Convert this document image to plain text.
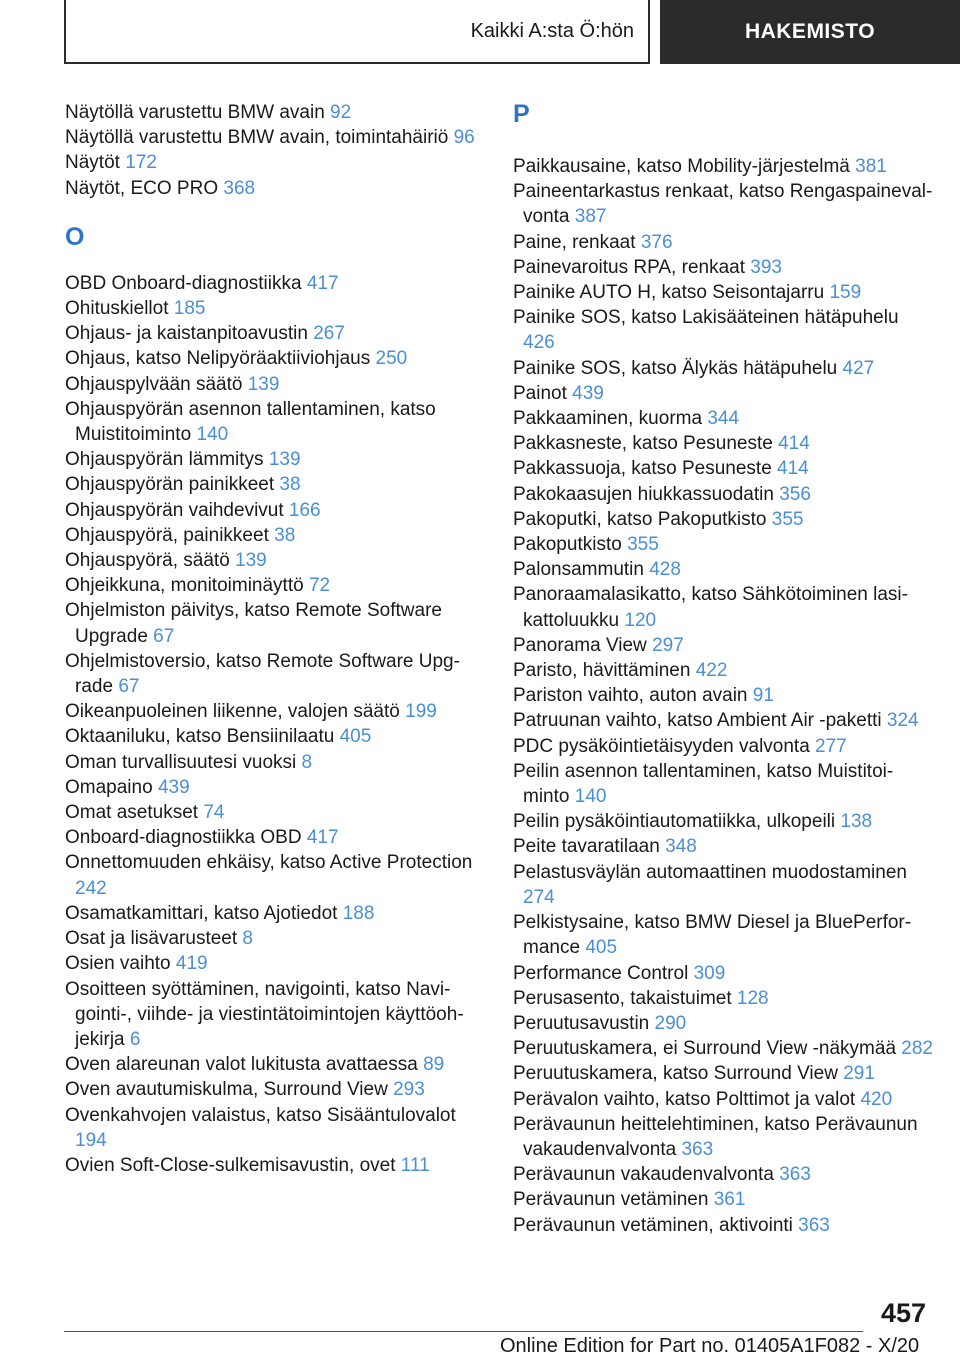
Kaikki A:sta Ö:hön	HAKEMISTO
Näytöllä varustettu BMW avain 92
Näytöllä varustettu BMW avain, toimintahäiriö 96
Näytöt 172
Näytöt, ECO PRO 368
O
OBD Onboard-diagnostiikka 417
Ohituskiellot 185
Ohjaus- ja kaistanpitoavustin 267
Ohjaus, katso Nelipyöräaktiiviohjaus 250
Ohjauspylvään säätö 139
Ohjauspyörän asennon tallentaminen, katso Muistitoiminto 140
Ohjauspyörän lämmitys 139
Ohjauspyörän painikkeet 38
Ohjauspyörän vaihdevivut 166
Ohjauspyörä, painikkeet 38
Ohjauspyörä, säätö 139
Ohjeikkuna, monitoiminäyttö 72
Ohjelmiston päivitys, katso Remote Software Upgrade 67
Ohjelmistoversio, katso Remote Software Upgrade 67
Oikeanpuoleinen liikenne, valojen säätö 199
Oktaaniluku, katso Bensiinilaatu 405
Oman turvallisuutesi vuoksi 8
Omapaino 439
Omat asetukset 74
Onboard-diagnostiikka OBD 417
Onnettomuuden ehkäisy, katso Active Protection 242
Osamatkamittari, katso Ajotiedot 188
Osat ja lisävarusteet 8
Osien vaihto 419
Osoitteen syöttäminen, navigointi, katso Navigointi-, viihde- ja viestintätoimintojen käyttöohjekirja 6
Oven alareunan valot lukitusta avattaessa 89
Oven avautumiskulma, Surround View 293
Ovenkahvojen valaistus, katso Sisääntulovalot 194
Ovien Soft-Close-sulkemisavustin, ovet 111
P
Paikkausaine, katso Mobility-järjestelmä 381
Paineentarkastus renkaat, katso Rengaspainevalvonta 387
Paine, renkaat 376
Painevaroitus RPA, renkaat 393
Painike AUTO H, katso Seisontajarru 159
Painike SOS, katso Lakisääteinen hätäpuhelu 426
Painike SOS, katso Älykäs hätäpuhelu 427
Painot 439
Pakkaaminen, kuorma 344
Pakkasneste, katso Pesuneste 414
Pakkassuoja, katso Pesuneste 414
Pakokaasujen hiukkassuodatin 356
Pakoputki, katso Pakoputkisto 355
Pakoputkisto 355
Palonsammutin 428
Panoraamalasikatto, katso Sähkötoiminen lasikattoluukku 120
Panorama View 297
Paristo, hävittäminen 422
Pariston vaihto, auton avain 91
Patruunan vaihto, katso Ambient Air -paketti 324
PDC pysäköintietäisyyden valvonta 277
Peilin asennon tallentaminen, katso Muistitoiminto 140
Peilin pysäköintiautomatiikka, ulkopeili 138
Peite tavaratilaan 348
Pelastusväylän automaattinen muodostaminen 274
Pelkistysaine, katso BMW Diesel ja BluePerformance 405
Performance Control 309
Perusasento, takaistuimet 128
Peruutusavustin 290
Peruutuskamera, ei Surround View -näkymää 282
Peruutuskamera, katso Surround View 291
Perävalon vaihto, katso Polttimot ja valot 420
Perävaunun heittelehtiminen, katso Perävaunun vakaudenvalvonta 363
Perävaunun vakaudenvalvonta 363
Perävaunun vetäminen 361
Perävaunun vetäminen, aktivointi 363
457
Online Edition for Part no. 01405A1F082 - X/20
